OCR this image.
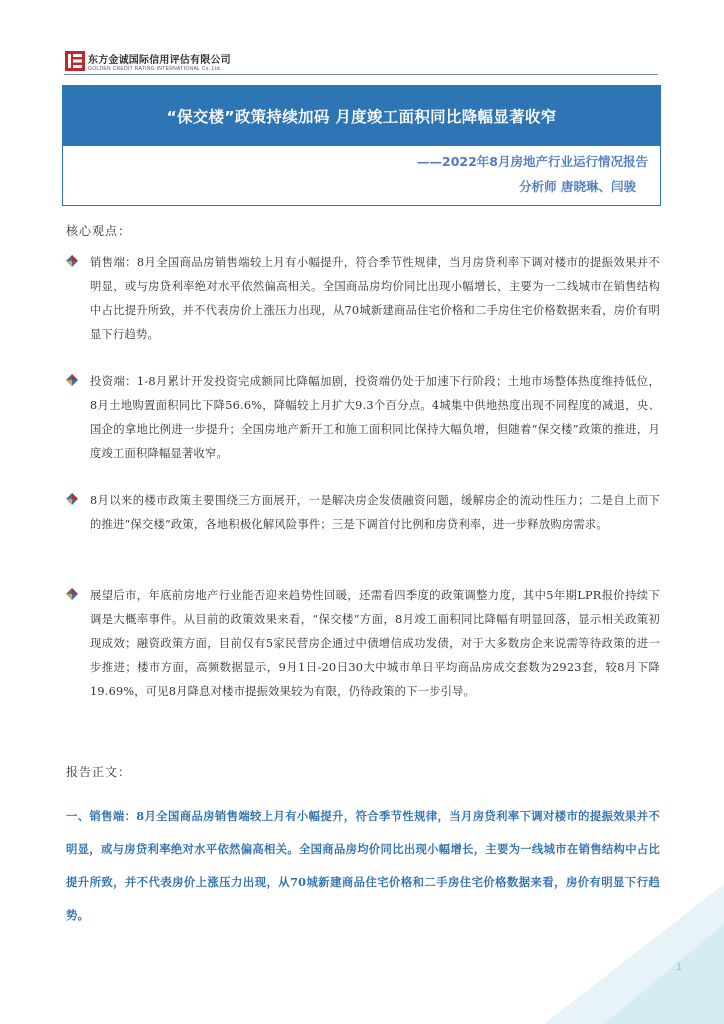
东方金诚国际信用评估有限公司
GOLDEN CREDIT RATING INTERNATIONAL Co.,Ltd.
“保交楼”政策持续加码 月度竣工面积同比降幅显著收窄
——2022年8月房地产行业运行情况报告
分析师 唐晓琳、闫骏
核心观点：
销售端：8月全国商品房销售端较上月有小幅提升，符合季节性规律，当月房贷利率下调对楼市的提振效果并不明显，或与房贷利率绝对水平依然偏高相关。全国商品房均价同比出现小幅增长，主要为一二线城市在销售结构中占比提升所致，并不代表房价上涨压力出现，从70城新建商品住宅价格和二手房住宅价格数据来看，房价有明显下行趋势。
投资端：1-8月累计开发投资完成额同比降幅加剧，投资端仍处于加速下行阶段；土地市场整体热度维持低位， 8月土地购置面积同比下降56.6%，降幅较上月扩大9.3个百分点。4城集中供地热度出现不同程度的减退，央、国企的拿地比例进一步提升；全国房地产新开工和施工面积同比保持大幅负增，但随着“保交楼”政策的推进，月度竣工面积降幅显著收窄。
8月以来的楼市政策主要围绕三方面展开，一是解决房企发债融资问题，缓解房企的流动性压力；二是自上而下的推进“保交楼”政策，各地积极化解风险事件；三是下调首付比例和房贷利率，进一步释放购房需求。
展望后市，年底前房地产行业能否迎来趋势性回暖，还需看四季度的政策调整力度，其中5年期LPR报价持续下调是大概率事件。从目前的政策效果来看，“保交楼”方面，8月竣工面积同比降幅有明显回落，显示相关政策初现成效；融资政策方面，目前仅有5家民营房企通过中债增信成功发债，对于大多数房企来说需等待政策的进一步推进；楼市方面，高频数据显示，9月1日-20日30大中城市单日平均商品房成交套数为2923套，较8月下降19.69%，可见8月降息对楼市提振效果较为有限，仍待政策的下一步引导。
报告正文：
一、销售端：8月全国商品房销售端较上月有小幅提升，符合季节性规律，当月房贷利率下调对楼市的提振效果并不明显，或与房贷利率绝对水平依然偏高相关。全国商品房均价同比出现小幅增长，主要为一线城市在销售结构中占比提升所致，并不代表房价上涨压力出现，从70城新建商品住宅价格和二手房住宅价格数据来看，房价有明显下行趋势。
1
